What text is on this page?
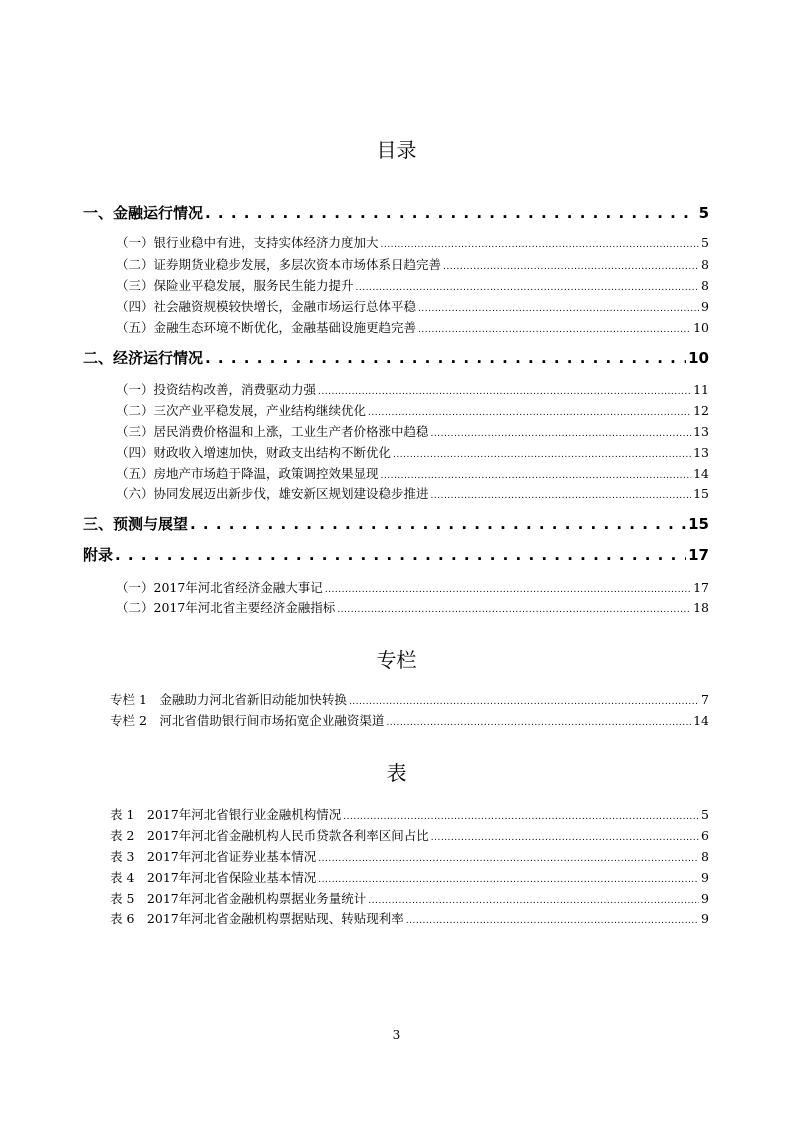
目录
一、金融运行情况 . . .	5
（一）银行业稳中有进，支持实体经济力度加大 .....	5
（二）证券期货业稳步发展，多层次资本市场体系日趋完善 .....	8
（三）保险业平稳发展，服务民生能力提升 .....	8
（四）社会融资规模较快增长，金融市场运行总体平稳 .....	9
（五）金融生态环境不断优化，金融基础设施更趋完善 .....	10
二、经济运行情况 . . .	10
（一）投资结构改善，消费驱动力强 .....	11
（二）三次产业平稳发展，产业结构继续优化 .....	12
（三）居民消费价格温和上涨，工业生产者价格涨中趋稳 .....	13
（四）财政收入增速加快，财政支出结构不断优化 .....	13
（五）房地产市场趋于降温，政策调控效果显现 .....	14
（六）协同发展迈出新步伐，雄安新区规划建设稳步推进 .....	15
三、预测与展望 . . .	15
附录 . . .	17
（一）2017年河北省经济金融大事记 .....	17
（二）2017年河北省主要经济金融指标 .....	18
专栏
专栏 1　金融助力河北省新旧动能加快转换 .....	7
专栏 2　河北省借助银行间市场拓宽企业融资渠道 .....	14
表
表 1　2017年河北省银行业金融机构情况 .....	5
表 2　2017年河北省金融机构人民币贷款各利率区间占比 .....	6
表 3　2017年河北省证券业基本情况 .....	8
表 4　2017年河北省保险业基本情况 .....	9
表 5　2017年河北省金融机构票据业务量统计 .....	9
表 6　2017年河北省金融机构票据贴现、转贴现利率 .....	9
3
